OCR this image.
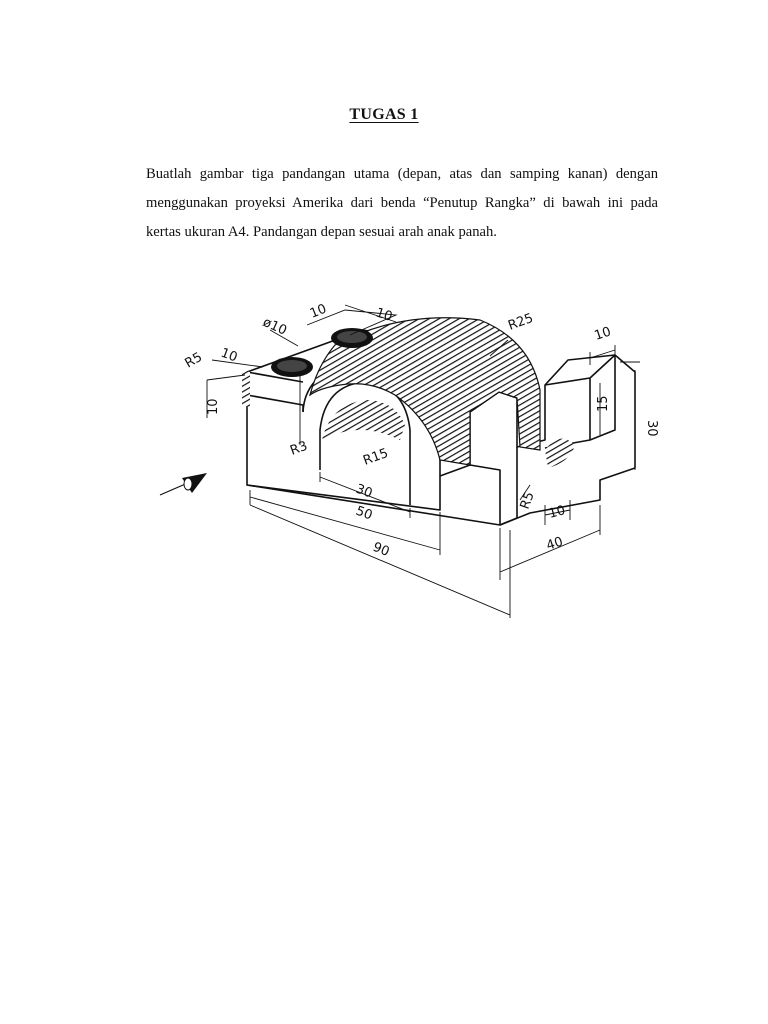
TUGAS 1

Buatlah gambar tiga pandangan utama (depan, atas dan samping kanan) dengan menggunakan proyeksi Amerika dari benda “Penutup Rangka” di bawah ini pada kertas ukuran A4. Pandangan depan sesuai arah anak panah.

10	10
ø10	R25
R5 10
10
R3	R15
30
50
90
10
15
30
R5
10
40
